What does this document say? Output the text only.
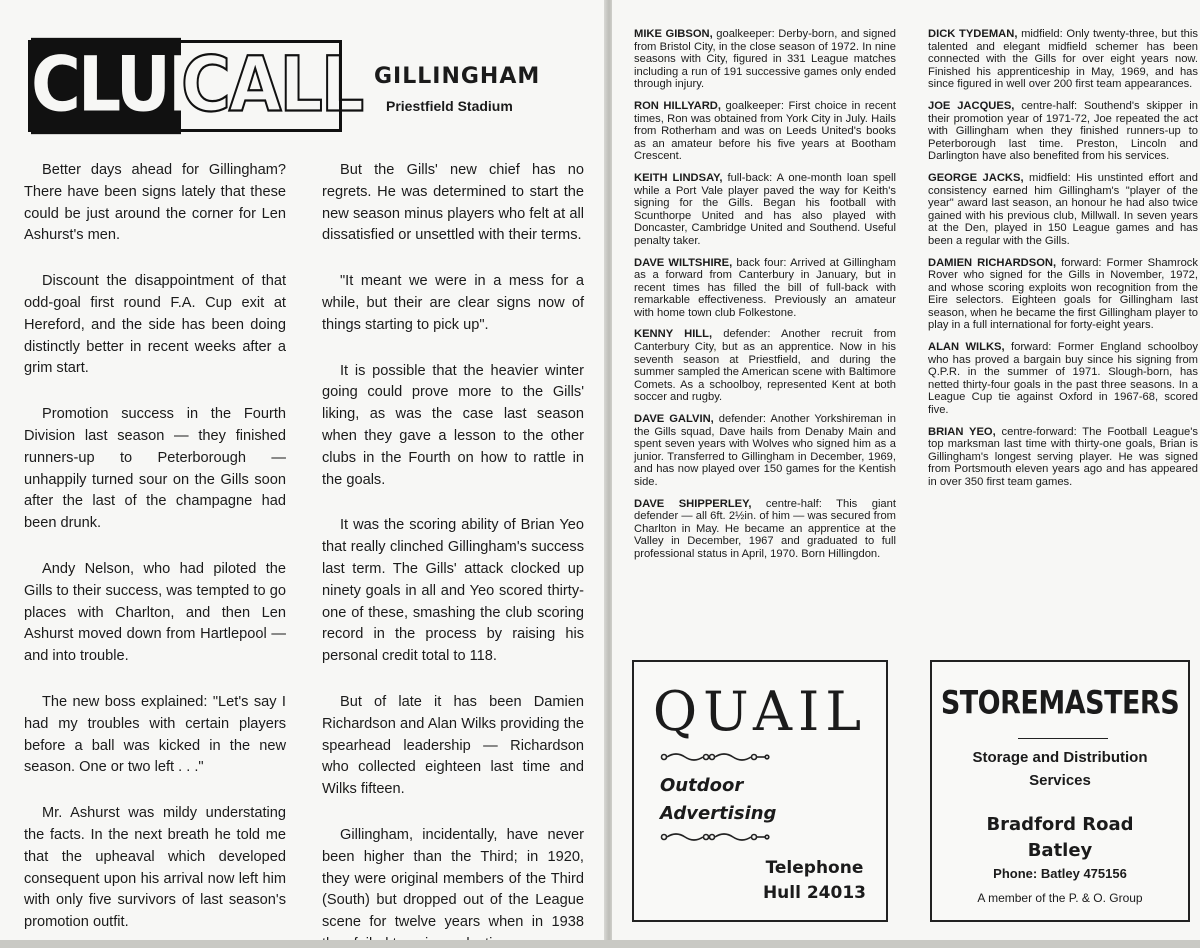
CLUB
CALL GILLINGHAM
Priestfield Stadium

Better days ahead for Gillingham? There have been signs lately that these could be just around the corner for Len Ashurst's men.

Discount the disappointment of that odd-goal first round F.A. Cup exit at Hereford, and the side has been doing distinctly better in recent weeks after a grim start.

Promotion success in the Fourth Division last season — they finished runners-up to Peterborough — unhappily turned sour on the Gills soon after the last of the champagne had been drunk.

Andy Nelson, who had piloted the Gills to their success, was tempted to go places with Charlton, and then Len Ashurst moved down from Hartlepool — and into trouble.

The new boss explained: "Let's say I had my troubles with certain players before a ball was kicked in the new season. One or two left . . ."

Mr. Ashurst was mildy understating the facts. In the next breath he told me that the upheaval which developed consequent upon his arrival now left him with only five survivors of last season's promotion outfit.

But the Gills' new chief has no regrets. He was determined to start the new season minus players who felt at all dissatisfied or unsettled with their terms.

"It meant we were in a mess for a while, but their are clear signs now of things starting to pick up".

It is possible that the heavier winter going could prove more to the Gills' liking, as was the case last season when they gave a lesson to the other clubs in the Fourth on how to rattle in the goals.

It was the scoring ability of Brian Yeo that really clinched Gillingham's success last term. The Gills' attack clocked up ninety goals in all and Yeo scored thirty-one of these, smashing the club scoring record in the process by raising his personal credit total to 118.

But of late it has been Damien Richardson and Alan Wilks providing the spearhead leadership — Richardson who collected eighteen last time and Wilks fifteen.

Gillingham, incidentally, have never been higher than the Third; in 1920, they were original members of the Third (South) but dropped out of the League scene for twelve years when in 1938

MIKE GIBSON, goalkeeper: Derby-born, and signed from Bristol City, in the close season of 1972. In nine seasons with City, figured in 331 League matches including a run of 191 successive games only ended through injury.
RON HILLYARD, goalkeeper: First choice in recent times, Ron was obtained from York City in July. Hails from Rotherham and was on Leeds United's books as an amateur before his five years at Bootham Crescent.
KEITH LINDSAY, full-back: A one-month loan spell while a Port Vale player paved the way for Keith's signing for the Gills. Began his football with Scunthorpe United and has also played with Doncaster, Cambridge United and Southend. Useful penalty taker.
DAVE WILTSHIRE, back four: Arrived at Gillingham as a forward from Canterbury in January, but in recent times has filled the bill of full-back with remarkable effectiveness. Previously an amateur with home town club Folkestone.
KENNY HILL, defender: Another recruit from Canterbury City, but as an apprentice. Now in his seventh season at Priestfield, and during the summer sampled the American scene with Baltimore Comets. As a schoolboy, represented Kent at both soccer and rugby.
DAVE GALVIN, defender: Another Yorkshireman in the Gills squad, Dave hails from Denaby Main and spent seven years with Wolves who signed him as a junior. Transferred to Gillingham in December, 1969, and has now played over 150 games for the Kentish side.
DAVE SHIPPERLEY, centre-half: This giant defender — all 6ft. 2½in. of him — was secured from Charlton in May. He became an apprentice at the Valley in December, 1967 and graduated to full professional status in April, 1970. Born Hillingdon.
DICK TYDEMAN, midfield: Only twenty-three, but this talented and elegant midfield schemer has been connected with the Gills for over eight years now. Finished his apprenticeship in May, 1969, and has since figured in well over 200 first team appearances.
JOE JACQUES, centre-half: Southend's skipper in their promotion year of 1971-72, Joe repeated the act with Gillingham when they finished runners-up to Peterborough last time. Preston, Lincoln and Darlington have also benefited from his services.
GEORGE JACKS, midfield: His unstinted effort and consistency earned him Gillingham's "player of the year" award last season, an honour he had also twice gained with his previous club, Millwall. In seven years at the Den, played in 150 League games and has been a regular with the Gills.
DAMIEN RICHARDSON, forward: Former Shamrock Rover who signed for the Gills in November, 1972, and whose scoring exploits won recognition from the Eire selectors. Eighteen goals for Gillingham last season, when he became the first Gillingham player to play in a full international for forty-eight years.
ALAN WILKS, forward: Former England schoolboy who has proved a bargain buy since his signing from Q.P.R. in the summer of 1971. Slough-born, has netted thirty-four goals in the past three seasons. In a League Cup tie against Oxford in 1967-68, scored five.
BRIAN YEO, centre-forward: The Football League's top marksman last time with thirty-one goals, Brian is Gillingham's longest serving player. He was signed from Portsmouth eleven years ago and has appeared in over 350 first team games.
QUAIL
Outdoor
Advertising
Telephone
Hull 24013
STOREMASTERS
Storage and Distribution
Services
Bradford Road
Batley
Phone: Batley 475156
A member of the P. & O. Group
